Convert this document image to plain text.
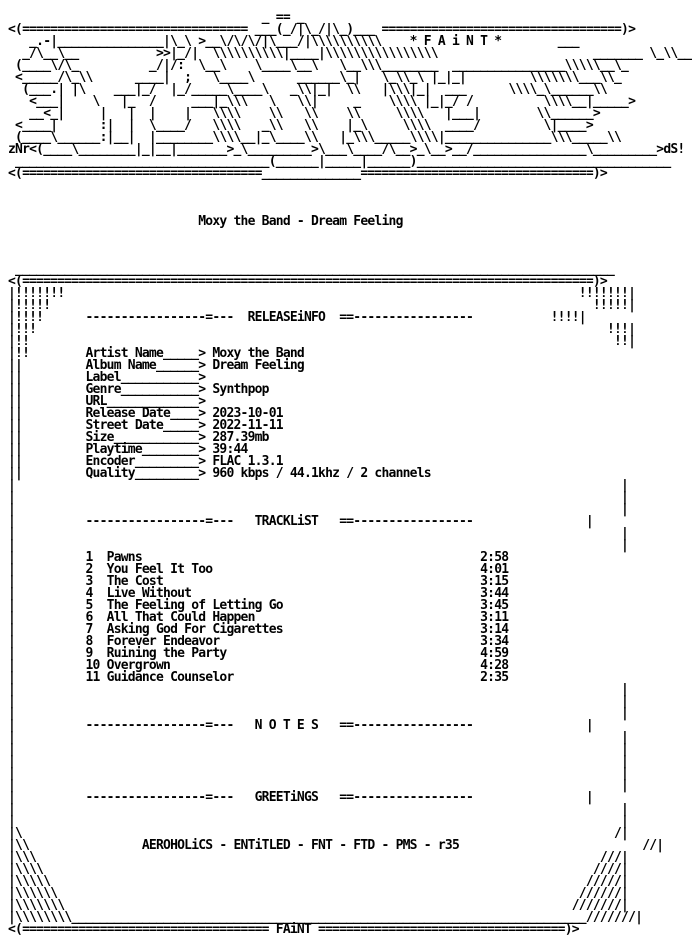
_ == _
<(================================ ___(_/|\_/|\_)___ ==================================)>
_.-|_______________|\_\ >__\/\/\/|\___/|\\\\\\\\\\    * F A i N T *	___
_/\__\__           >>|_/|  \\\\\\\\\\|____|\\\\\\\\\\\\\\\\                      _______ \_\\__
(____\/\_          _/|/:  \__\    \____\__\   \__\\\________  ________________\\\\\__\_
<_____/\_\\      ____|  ;   \____\      ______\_|   \_\\_\ |_|_|         \\\\\\\___\\_
(___.| |\    ___|_/  |_/_____\____\   _\\|_|  \\   |\\\|_|  ___      \\\\_\______\\
<___|    \   |_  /     ___|_\\\   \   \\|     _    \\\\ |_|_/ /          \\\\__|_____>
__<_|     |   |  |    |   \\\\    \\   \\    \\     \\\\   |___|        \\______>
<____|      :|  |  \____/   \\\\   _\\   \\    |_\     \\\\  ____/         \|____>
(____\______:|__|  |________\\\\__|_\____\\   |_\\\_____\\\\|_______________\\\_____\\
zNr<(____\________|_|__|_______>_\_________>\___\____/\__>_\__>__/________________\_________>dS!
____________________________________(______|_____|______)____________________________________
<(==================================______________=================================)>

Moxy the Band - Dream Feeling

_____________________________________________________________________________________
<(=================================================================================)>
|!!!!!!!                                                                         !!!!!!!|
|!!!!!                                                                             !!!!!|
|!!!!      -----------------=---  RELEASEiNFO  ==-----------------           !!!!|
|!!!                                                                                 !!!|
|!!                                                                                   !!|
|!!	Artist Name_____> Moxy the Band
||         Album Name______> Dream Feeling
||         Label___________>
||         Genre___________> Synthpop
||         URL_____________>
||         Release Date____> 2023-10-01
||         Street Date_____> 2022-11-11
||         Size____________> 287.39mb
||         Playtime________> 39:44
||         Encoder_________> FLAC 1.3.1
||         Quality_________> 960 kbps / 44.1khz / 2 channels
|                                                                                      |
|                                                                                      |
|                                                                                      |
|          -----------------=---   TRACKLiST   ==-----------------                |
|                                                                                      |
|                                                                                      |
|          1 Pawns	2:58
|          2 You Feel It Too	4:01
|          3 The Cost	3:15
|          4 Live Without	3:44
|          5 The Feeling of Letting Go	3:45
|          6 All That Could Happen	3:11
|          7 Asking God For Cigarettes	3:14
|          8 Forever Endeavor	3:34
|          9 Ruining the Party	4:59
|          10 Overgrown	4:28
|          11 Guidance Counselor	2:35
|                                                                                      |
|                                                                                      |
|                                                                                      |
|          -----------------=---   N O T E S   ==-----------------                |
|                                                                                      |
|                                                                                      |
|                                                                                      |
|                                                                                      |
|                                                                                      |
|          -----------------=---   GREETiNGS   ==-----------------                |
|                                                                                      |
|                                                                                      |
|\                                                                                    /|
|\\	AEROHOLiCS - ENTiTLED - FNT - FTD - PMS - r35	//|
|\\\                                                                                ///|
|\\\\                                                                              ////|
|\\\\\                                                                            /////|
|\\\\\\                                                                          //////|
|\\\\\\\                                                                        ///////|
|\\\\\\\\_________________________________________________________________________///////|
<(=================================== FAiNT ===================================)>
